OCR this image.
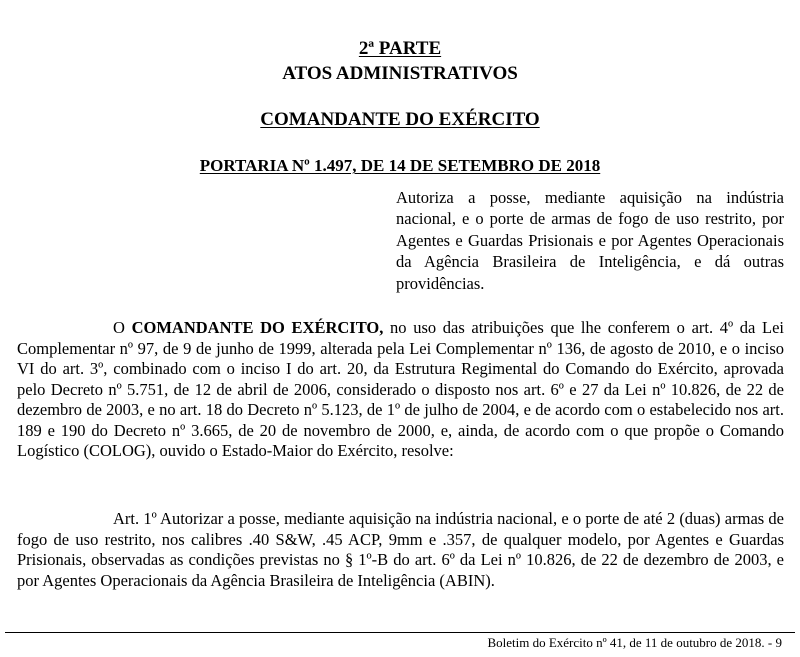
2ª PARTE
ATOS ADMINISTRATIVOS
COMANDANTE DO EXÉRCITO
PORTARIA Nº 1.497, DE 14 DE SETEMBRO DE 2018
Autoriza a posse, mediante aquisição na indústria nacional, e o porte de armas de fogo de uso restrito, por Agentes e Guardas Prisionais e por Agentes Operacionais da Agência Brasileira de Inteligência, e dá outras providências.

O COMANDANTE DO EXÉRCITO, no uso das atribuições que lhe conferem o art. 4º da Lei Complementar nº 97, de 9 de junho de 1999, alterada pela Lei Complementar nº 136, de agosto de 2010, e o inciso VI do art. 3º, combinado com o inciso I do art. 20, da Estrutura Regimental do Comando do Exército, aprovada pelo Decreto nº 5.751, de 12 de abril de 2006, considerado o disposto nos art. 6º e 27 da Lei nº 10.826, de 22 de dezembro de 2003, e no art. 18 do Decreto nº 5.123, de 1º de julho de 2004, e de acordo com o estabelecido nos art. 189 e 190 do Decreto nº 3.665, de 20 de novembro de 2000, e, ainda, de acordo com o que propõe o Comando Logístico (COLOG), ouvido o Estado-Maior do Exército, resolve:

Art. 1º Autorizar a posse, mediante aquisição na indústria nacional, e o porte de até 2 (duas) armas de fogo de uso restrito, nos calibres .40 S&W, .45 ACP, 9mm e .357, de qualquer modelo, por Agentes e Guardas Prisionais, observadas as condições previstas no § 1º-B do art. 6º da Lei nº 10.826, de 22 de dezembro de 2003, e por Agentes Operacionais da Agência Brasileira de Inteligência (ABIN).

Boletim do Exército nº 41, de 11 de outubro de 2018. - 9
